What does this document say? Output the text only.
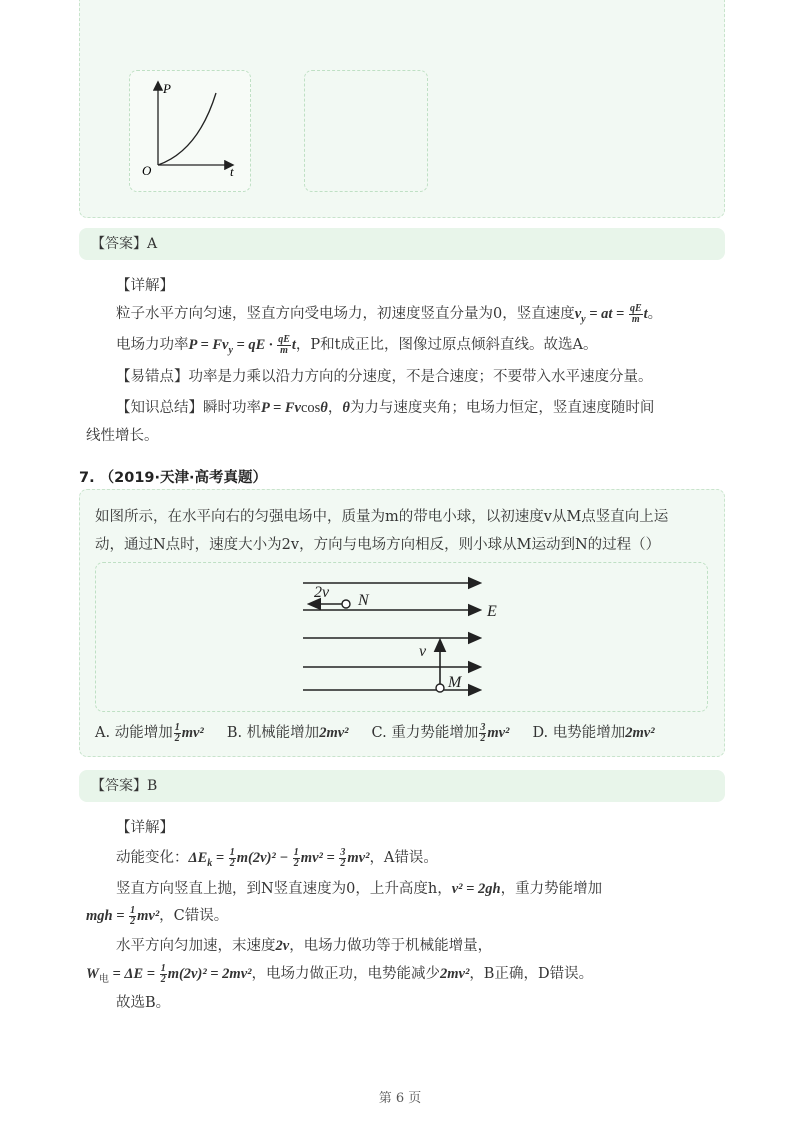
P
t
O
【答案】A
【详解】
粒子水平方向匀速，竖直方向受电场力，初速度竖直分量为0，竖直速度$v_y$ = at = $\frac{qE}{m}$ t。
电场力功率$P = Fv_y$ = qE · $\frac{qE}{m}$ t，P和t成正比，图像过原点倾斜直线。故选A。
【易错点】功率是力乘以沿力方向的分速度，不是合速度；不要带入水平速度分量。
【知识总结】瞬时功率P = Fvcosθ，θ为力与速度夹角；电场力恒定，竖直速度随时间
线性增长。
7. （2019·天津·高考真题）
如图所示，在水平向右的匀强电场中，质量为m的带电小球，以初速度v从M点竖直向上运
动，通过N点时，速度大小为2v，方向与电场方向相反，则小球从M运动到N的过程（）
2v N
E
v
M
A. 动能增加 $\frac{1}{2} mv^2$ B. 机械能增加2mv² C. 重力势能增加 $\frac{3}{2} mv^2$ D. 电势能增加2mv²
【答案】B
【详解】
动能变化：$\Delta E_k = \frac{1}{2} m(2v)^2 - \frac{1}{2} mv^2 = \frac{3}{2} mv^2$，A错误。
竖直方向竖直上抛，到N竖直速度为0，上升高度h，v² = 2gh，重力势能增加
mgh = $\frac{1}{2} mv^2$，C错误。
水平方向匀加速，末速度2v，电场力做功等于机械能增量，
$W_电 = \Delta E = \frac{1}{2} m(2v)^2 = 2mv^2$，电场力做正功，电势能减少2mv²，B正确，D错误。
故选B。
第 6 页
